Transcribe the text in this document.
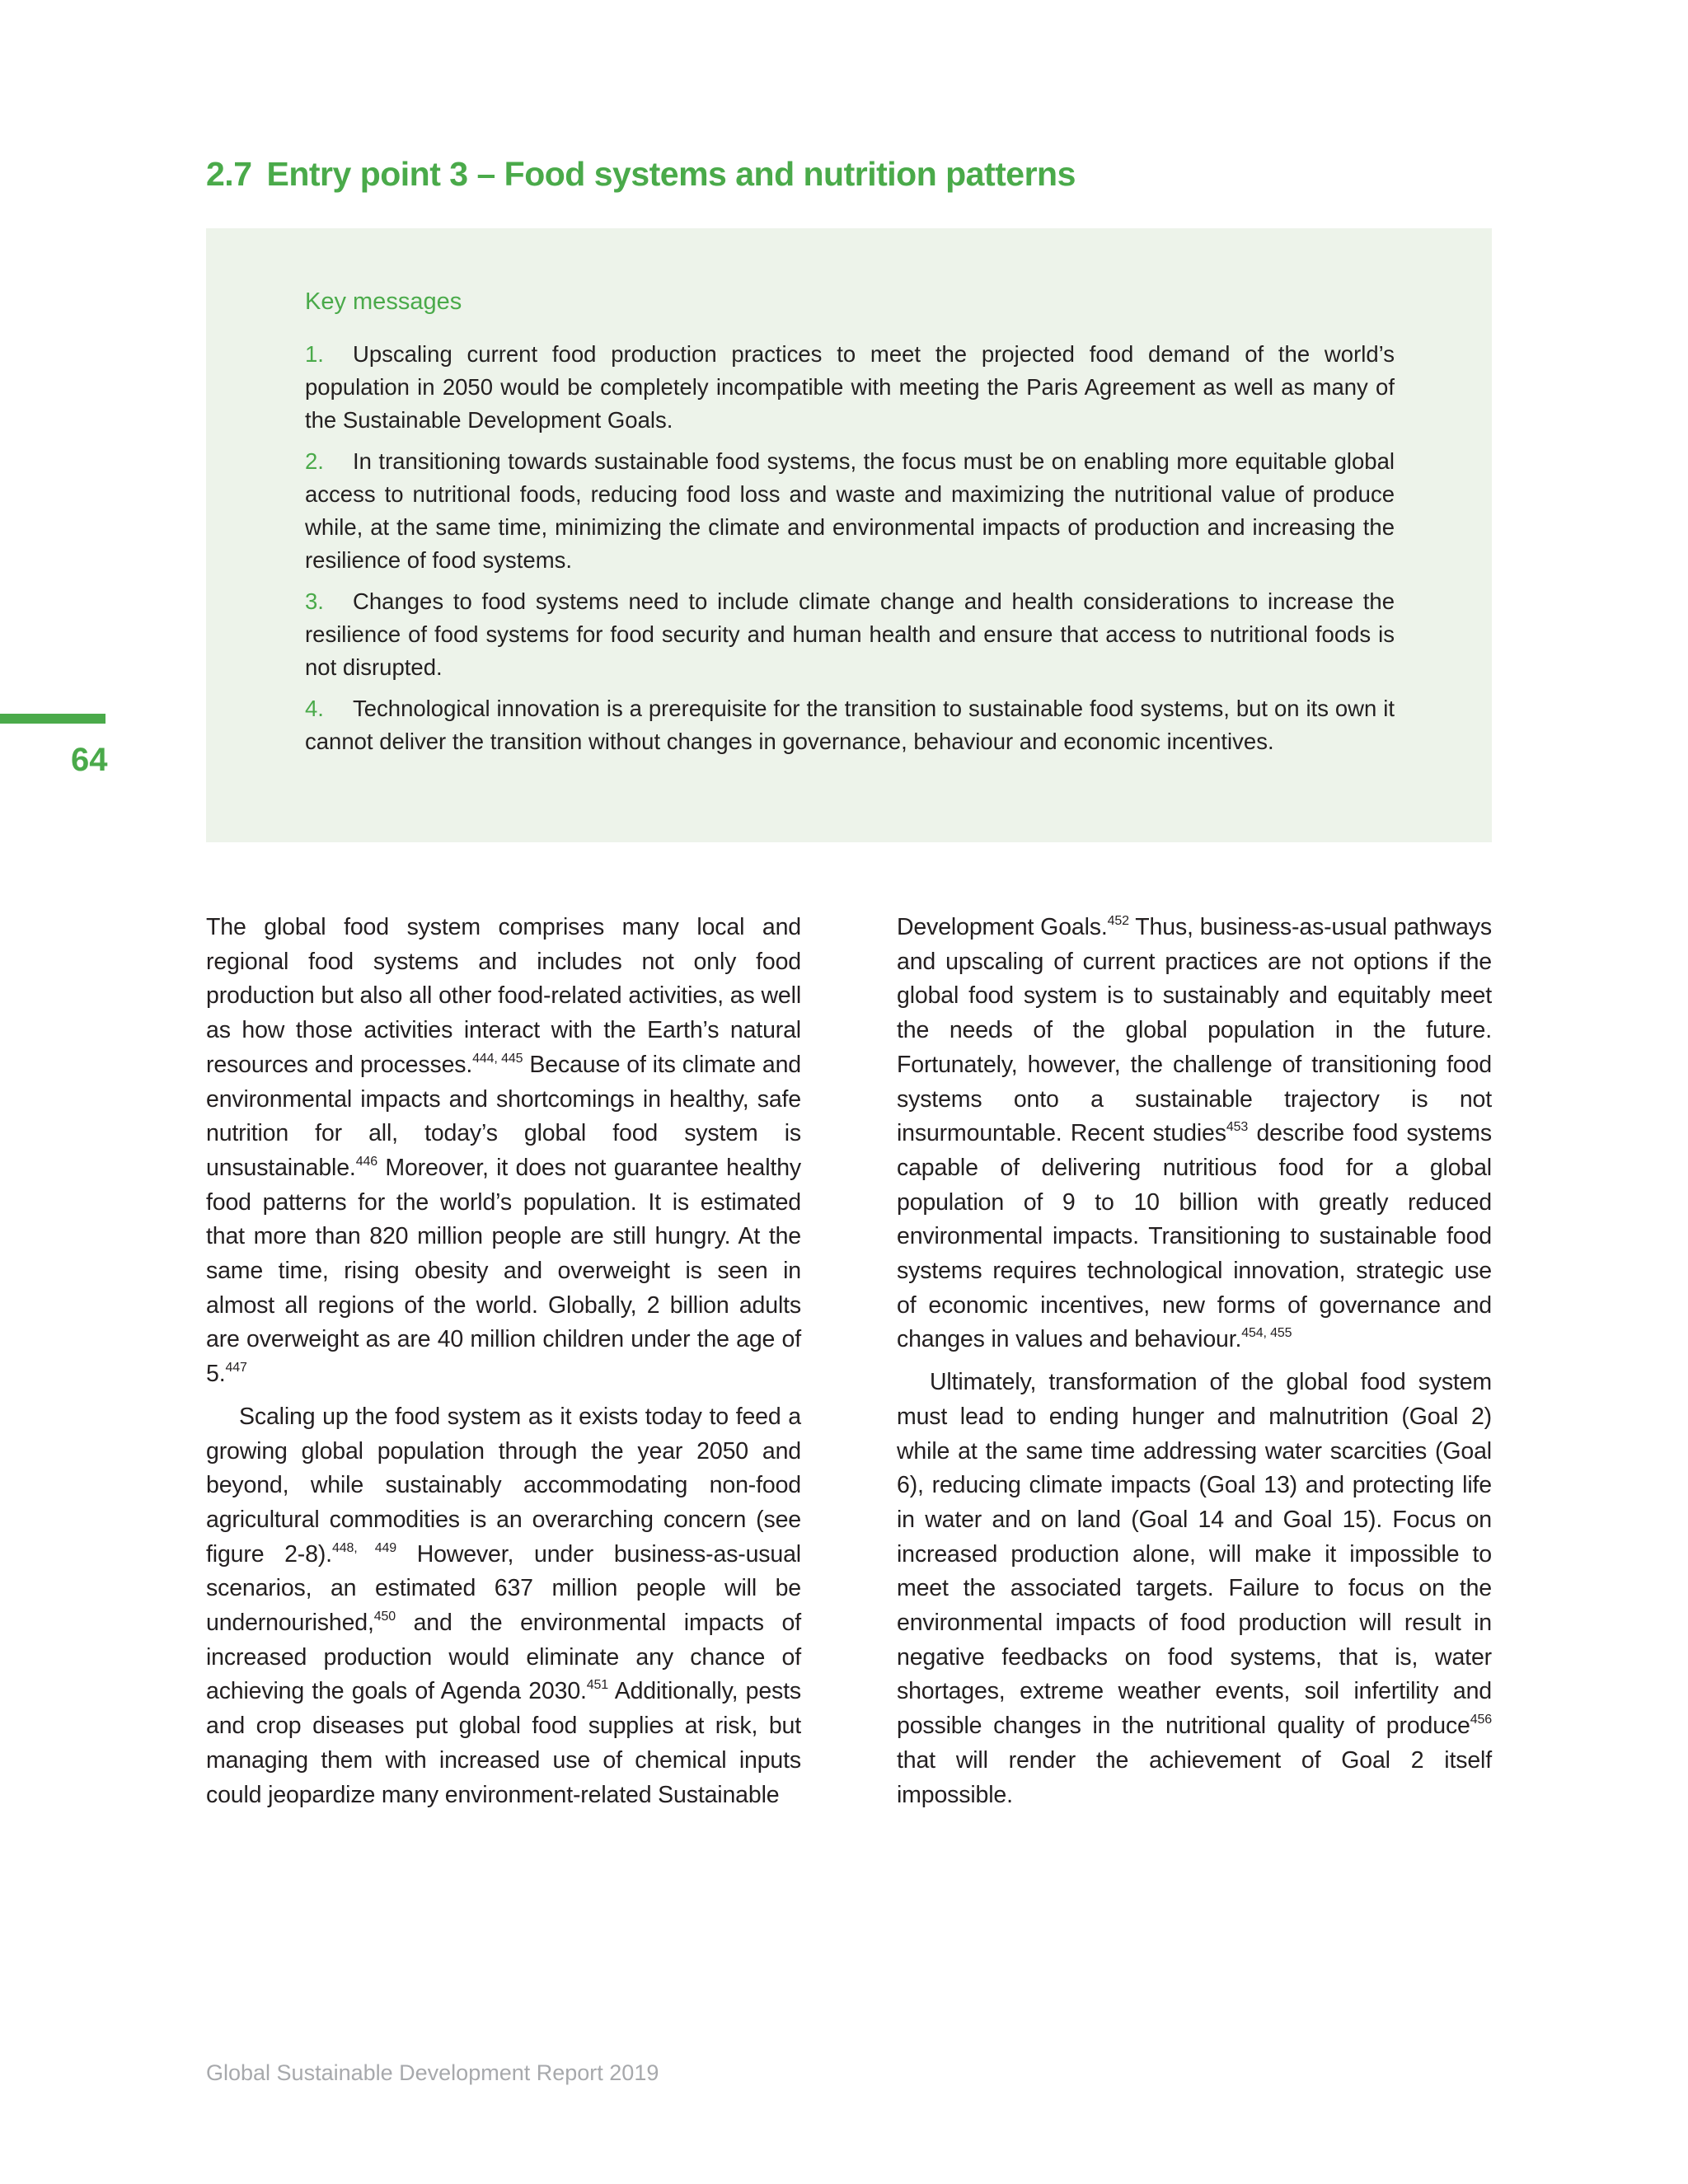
2.7 Entry point 3 – Food systems and nutrition patterns
Key messages

1. Upscaling current food production practices to meet the projected food demand of the world’s population in 2050 would be completely incompatible with meeting the Paris Agreement as well as many of the Sustainable Development Goals.

2. In transitioning towards sustainable food systems, the focus must be on enabling more equitable global access to nutritional foods, reducing food loss and waste and maximizing the nutritional value of produce while, at the same time, minimizing the climate and environmental impacts of production and increasing the resilience of food systems.

3. Changes to food systems need to include climate change and health considerations to increase the resilience of food systems for food security and human health and ensure that access to nutritional foods is not disrupted.

4. Technological innovation is a prerequisite for the transition to sustainable food systems, but on its own it cannot deliver the transition without changes in governance, behaviour and economic incentives.

64

The global food system comprises many local and regional food systems and includes not only food production but also all other food-related activities, as well as how those activities interact with the Earth’s natural resources and processes.$^{444, 445}$ Because of its climate and environmental impacts and shortcomings in healthy, safe nutrition for all, today’s global food system is unsustainable.$^{446}$ Moreover, it does not guarantee healthy food patterns for the world’s population. It is estimated that more than 820 million people are still hungry. At the same time, rising obesity and overweight is seen in almost all regions of the world. Globally, 2 billion adults are overweight as are 40 million children under the age of 5.$^{447}$

Scaling up the food system as it exists today to feed a growing global population through the year 2050 and beyond, while sustainably accommodating non-food agricultural commodities is an overarching concern (see figure 2-8).$^{448, 449}$ However, under business-as-usual scenarios, an estimated 637 million people will be undernourished,$^{450}$ and the environmental impacts of increased production would eliminate any chance of achieving the goals of Agenda 2030.$^{451}$ Additionally, pests and crop diseases put global food supplies at risk, but managing them with increased use of chemical inputs could jeopardize many environment-related Sustainable

Development Goals.$^{452}$ Thus, business-as-usual pathways and upscaling of current practices are not options if the global food system is to sustainably and equitably meet the needs of the global population in the future. Fortunately, however, the challenge of transitioning food systems onto a sustainable trajectory is not insurmountable. Recent studies$^{453}$ describe food systems capable of delivering nutritious food for a global population of 9 to 10 billion with greatly reduced environmental impacts. Transitioning to sustainable food systems requires technological innovation, strategic use of economic incentives, new forms of governance and changes in values and behaviour.$^{454, 455}$

Ultimately, transformation of the global food system must lead to ending hunger and malnutrition (Goal 2) while at the same time addressing water scarcities (Goal 6), reducing climate impacts (Goal 13) and protecting life in water and on land (Goal 14 and Goal 15). Focus on increased production alone, will make it impossible to meet the associated targets. Failure to focus on the environmental impacts of food production will result in negative feedbacks on food systems, that is, water shortages, extreme weather events, soil infertility and possible changes in the nutritional quality of produce$^{456}$ that will render the achievement of Goal 2 itself impossible.

Global Sustainable Development Report 2019
